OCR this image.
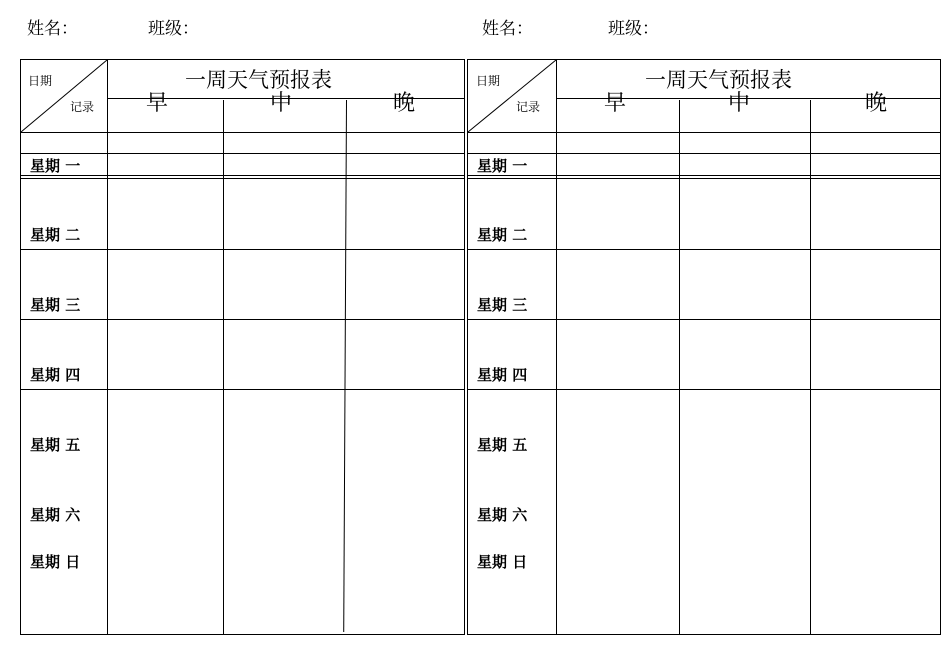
姓名：	班级：
日期
记录
一周天气预报表
早	中	晚
星期 一
星期 二
星期 三
星期 四
星期 五
星期 六
星期 日
姓名：	班级：
日期
记录
一周天气预报表
早	中	晚
星期 一
星期 二
星期 三
星期 四
星期 五
星期 六
星期 日
